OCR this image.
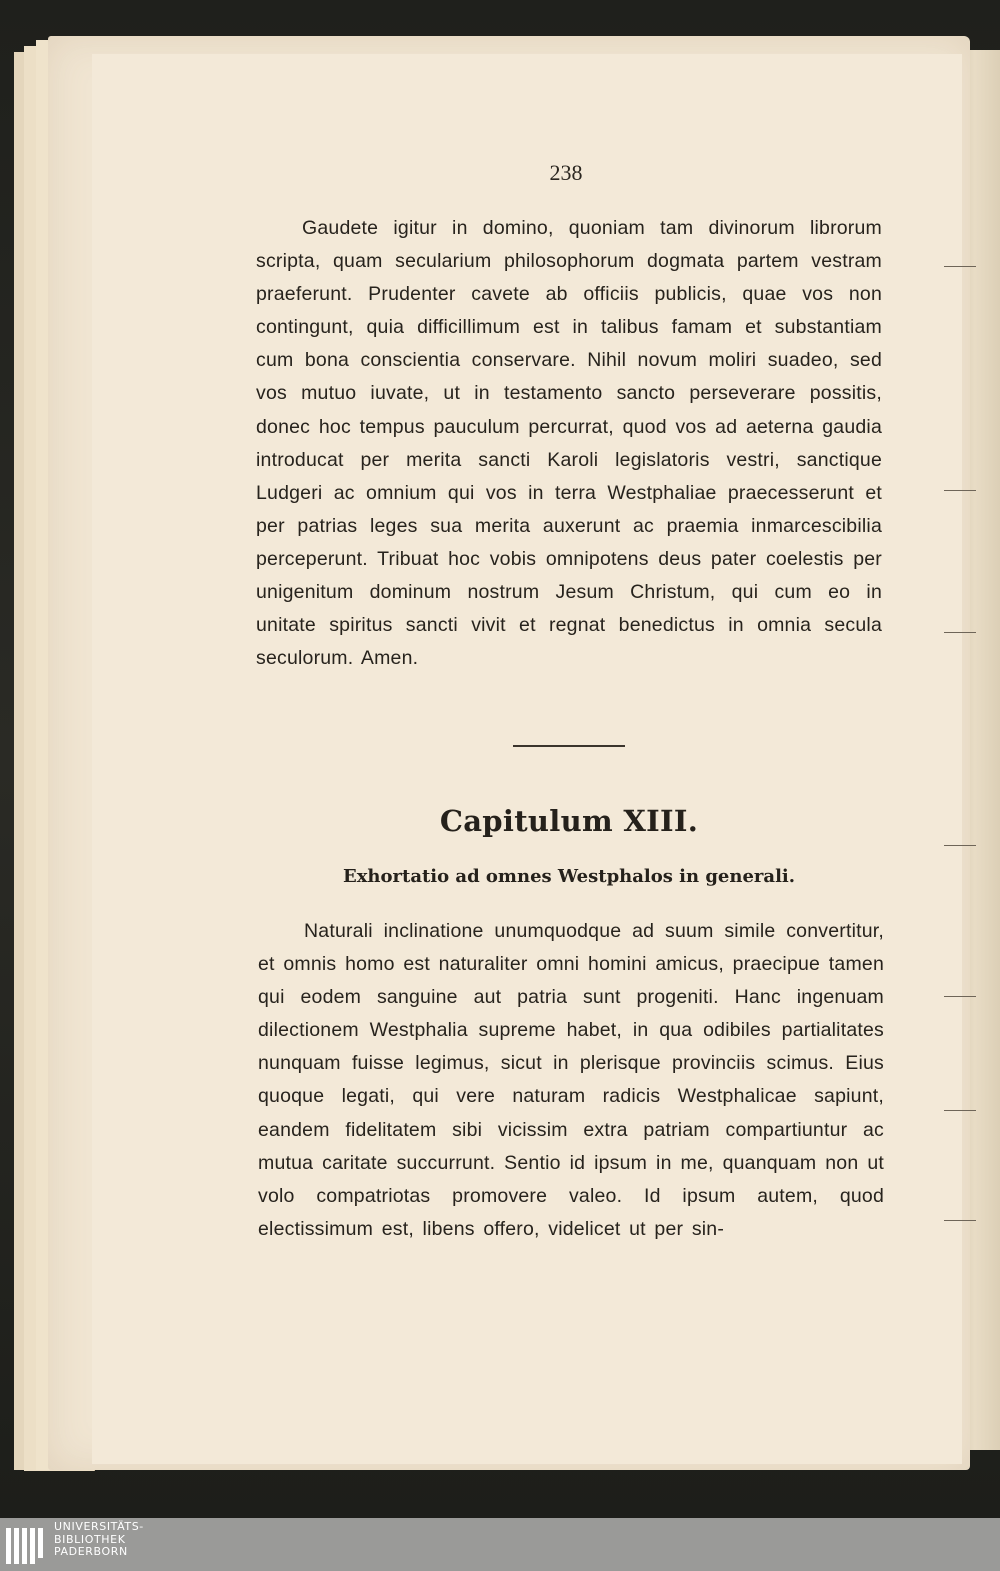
238

Gaudete igitur in domino, quoniam tam divinorum librorum scripta, quam secularium philosophorum dogmata partem vestram praeferunt. Prudenter cavete ab officiis publicis, quae vos non contingunt, quia difficillimum est in talibus famam et substantiam cum bona conscientia conservare. Nihil novum moliri suadeo, sed vos mutuo iuvate, ut in testamento sancto perseverare possitis, donec hoc tempus pauculum percurrat, quod vos ad aeterna gaudia introducat per merita sancti Karoli legislatoris vestri, sanctique Ludgeri ac omnium qui vos in terra Westphaliae praecesserunt et per patrias leges sua merita auxerunt ac praemia inmarcescibilia perceperunt. Tribuat hoc vobis omnipotens deus pater coelestis per unigenitum dominum nostrum Jesum Christum, qui cum eo in unitate spiritus sancti vivit et regnat benedictus in omnia secula seculorum. Amen.

Capitulum XIII.
Exhortatio ad omnes Westphalos in generali.

Naturali inclinatione unumquodque ad suum simile convertitur, et omnis homo est naturaliter omni homini amicus, praecipue tamen qui eodem sanguine aut patria sunt progeniti. Hanc ingenuam dilectionem Westphalia supreme habet, in qua odibiles partialitates nunquam fuisse legimus, sicut in plerisque provinciis scimus. Eius quoque legati, qui vere naturam radicis Westphalicae sapiunt, eandem fidelitatem sibi vicissim extra patriam compartiuntur ac mutua caritate succurrunt. Sentio id ipsum in me, quanquam non ut volo compatriotas promovere valeo. Id ipsum autem, quod electissimum est, libens offero, videlicet ut per sin-

UNIVERSITÄTS-
BIBLIOTHEK
PADERBORN
